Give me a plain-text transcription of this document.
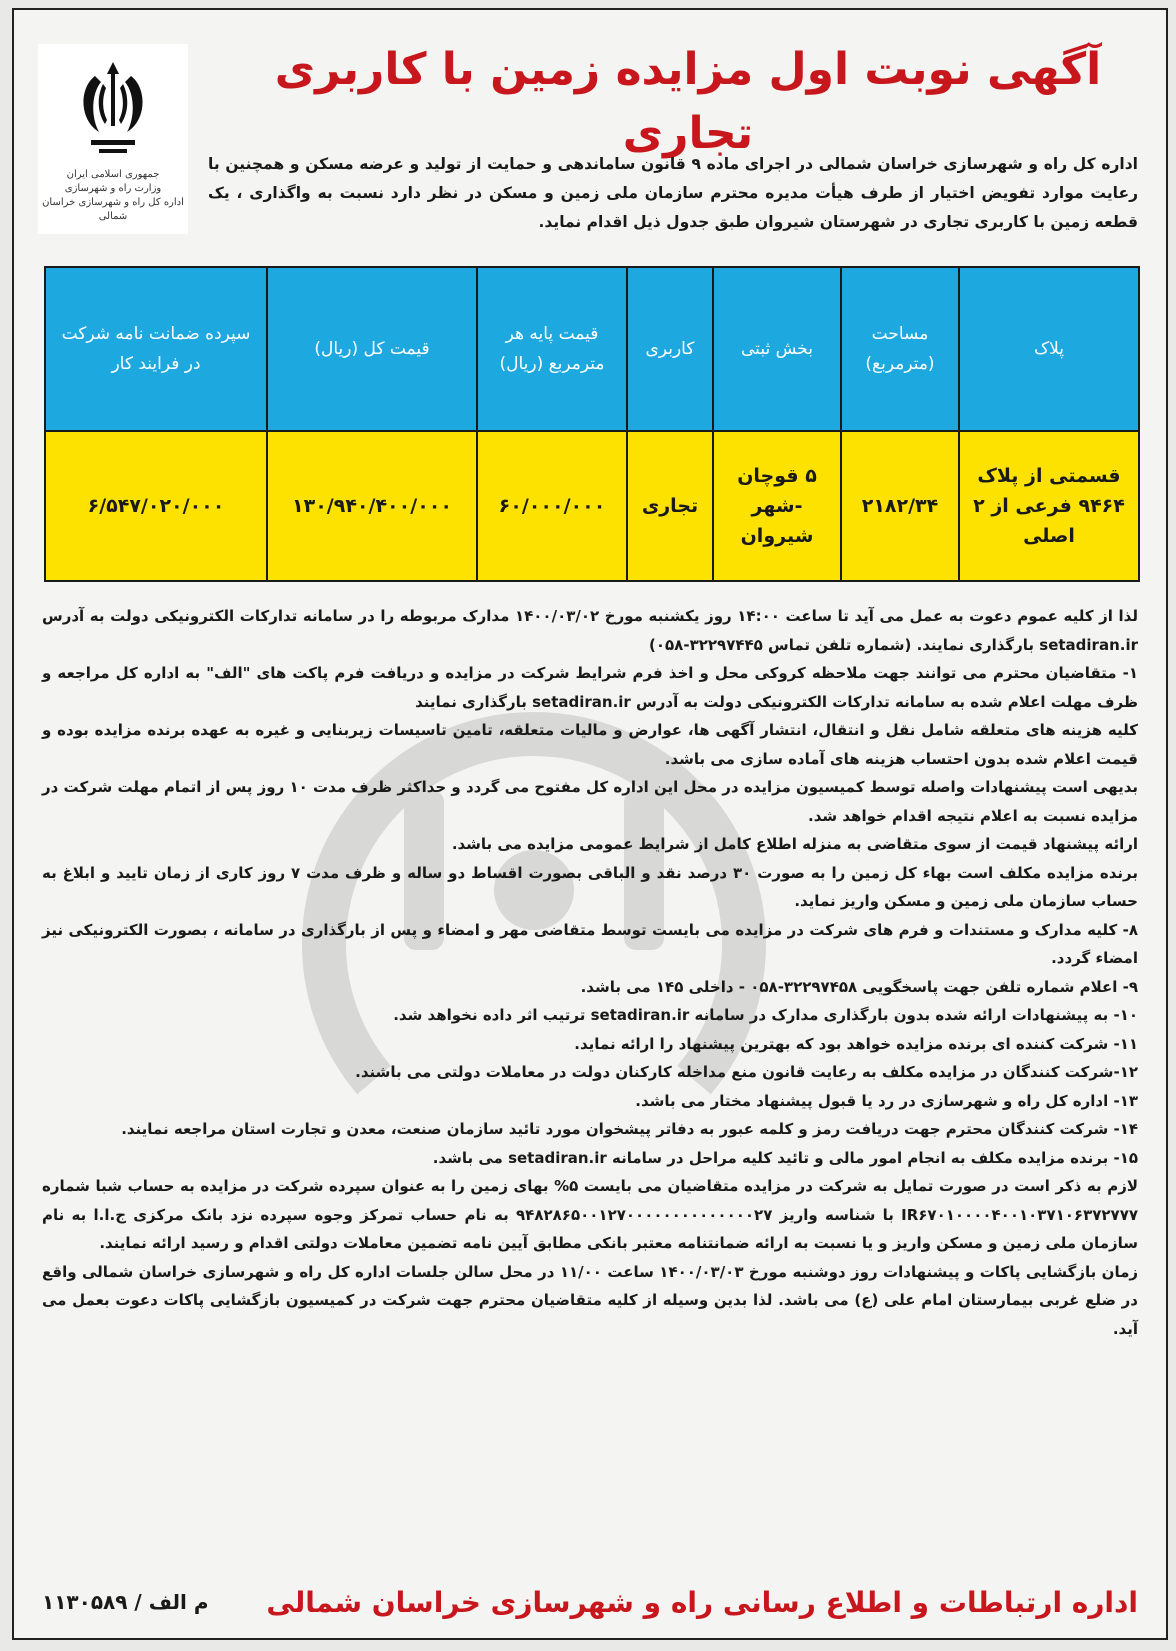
جمهوری اسلامی ایران
وزارت راه و شهرسازی
اداره کل راه و شهرسازی خراسان شمالی
آگهی نوبت اول مزایده زمین با کاربری تجاری
اداره کل راه و شهرسازی خراسان شمالی در اجرای ماده ۹ قانون ساماندهی و حمایت از تولید و عرضه مسکن و همچنین با رعایت موارد تفویض اختیار از طرف هیأت مدیره محترم سازمان ملی زمین و مسکن در نظر دارد نسبت به واگذاری ، یک قطعه زمین با کاربری تجاری در شهرستان شیروان طبق جدول ذیل اقدام نماید.
پلاک	مساحت (مترمربع)	بخش ثبتی	کاربری	قیمت پایه هر مترمربع (ریال)	قیمت کل (ریال)	سپرده ضمانت نامه شرکت در فرایند کار
قسمتی از پلاک ۹۴۶۴ فرعی از ۲ اصلی	۲۱۸۲/۳۴	۵ قوچان -شهر شیروان	تجاری	۶۰/۰۰۰/۰۰۰	۱۳۰/۹۴۰/۴۰۰/۰۰۰	۶/۵۴۷/۰۲۰/۰۰۰

لذا از کلیه عموم دعوت به عمل می آید تا ساعت ۱۴:۰۰ روز یکشنبه مورخ ۱۴۰۰/۰۳/۰۲ مدارک مربوطه را در سامانه تدارکات الکترونیکی دولت به آدرس setadiran.ir بارگذاری نمایند. (شماره تلفن تماس ۳۲۲۹۷۴۴۵-۰۵۸)

۱- متقاضیان محترم می توانند جهت ملاحظه کروکی محل و اخذ فرم شرایط شرکت در مزایده و دریافت فرم پاکت های "الف" به اداره کل مراجعه و ظرف مهلت اعلام شده به سامانه تدارکات الکترونیکی دولت به آدرس setadiran.ir بارگذاری نمایند

کلیه هزینه های متعلقه شامل نقل و انتقال، انتشار آگهی ها، عوارض و مالیات متعلقه، تامین تاسیسات زیربنایی و غیره به عهده برنده مزایده بوده و قیمت اعلام شده بدون احتساب هزینه های آماده سازی می باشد.

بدیهی است پیشنهادات واصله توسط کمیسیون مزایده در محل این اداره کل مفتوح می گردد و حداکثر ظرف مدت ۱۰ روز پس از اتمام مهلت شرکت در مزایده نسبت به اعلام نتیجه اقدام خواهد شد.

ارائه پیشنهاد قیمت از سوی متقاضی به منزله اطلاع کامل از شرایط عمومی مزایده می باشد.

برنده مزایده مکلف است بهاء کل زمین را به صورت ۳۰ درصد نقد و الباقی بصورت اقساط دو ساله و ظرف مدت ۷ روز کاری از زمان تایید و ابلاغ به حساب سازمان ملی زمین و مسکن واریز نماید.

۸- کلیه مدارک و مستندات و فرم های شرکت در مزایده می بایست توسط متقاضی مهر و امضاء و پس از بارگذاری در سامانه ، بصورت الکترونیکی نیز امضاء گردد.

۹- اعلام شماره تلفن جهت پاسخگویی ۳۲۲۹۷۴۵۸-۰۵۸ - داخلی ۱۴۵ می باشد.

۱۰- به پیشنهادات ارائه شده بدون بارگذاری مدارک در سامانه setadiran.ir ترتیب اثر داده نخواهد شد.

۱۱- شرکت کننده ای برنده مزایده خواهد بود که بهترین پیشنهاد را ارائه نماید.

۱۲-شرکت کنندگان در مزایده مکلف به رعایت قانون منع مداخله کارکنان دولت در معاملات دولتی می باشند.

۱۳- اداره کل راه و شهرسازی در رد یا قبول پیشنهاد مختار می باشد.

۱۴- شرکت کنندگان محترم جهت دریافت رمز و کلمه عبور به دفاتر پیشخوان مورد تائید سازمان صنعت، معدن و تجارت استان مراجعه نمایند.

۱۵- برنده مزایده مکلف به انجام امور مالی و تائید کلیه مراحل در سامانه setadiran.ir می باشد.

لازم به ذکر است در صورت تمایل به شرکت در مزایده متقاضیان می بایست ۵% بهای زمین را به عنوان سپرده شرکت در مزایده به حساب شبا شماره IR۶۷۰۱۰۰۰۰۴۰۰۱۰۳۷۱۰۶۳۷۲۷۷۷ با شناسه واریز ۹۴۸۲۸۶۵۰۰۱۲۷۰۰۰۰۰۰۰۰۰۰۰۰۰۰۲۷ به نام حساب تمرکز وجوه سپرده نزد بانک مرکزی ج.ا.ا به نام سازمان ملی زمین و مسکن واریز و یا نسبت به ارائه ضمانتنامه معتبر بانکی مطابق آیین نامه تضمین معاملات دولتی اقدام و رسید ارائه نمایند.

زمان بازگشایی پاکات و پیشنهادات روز دوشنبه مورخ ۱۴۰۰/۰۳/۰۳ ساعت ۱۱/۰۰ در محل سالن جلسات اداره کل راه و شهرسازی خراسان شمالی واقع در ضلع غربی بیمارستان امام علی (ع) می باشد. لذا بدین وسیله از کلیه متقاضیان محترم جهت شرکت در کمیسیون بازگشایی پاکات دعوت بعمل می آید.

اداره ارتباطات و اطلاع رسانی راه و شهرسازی خراسان شمالی
۱۱۳۰۵۸۹ / م الف
